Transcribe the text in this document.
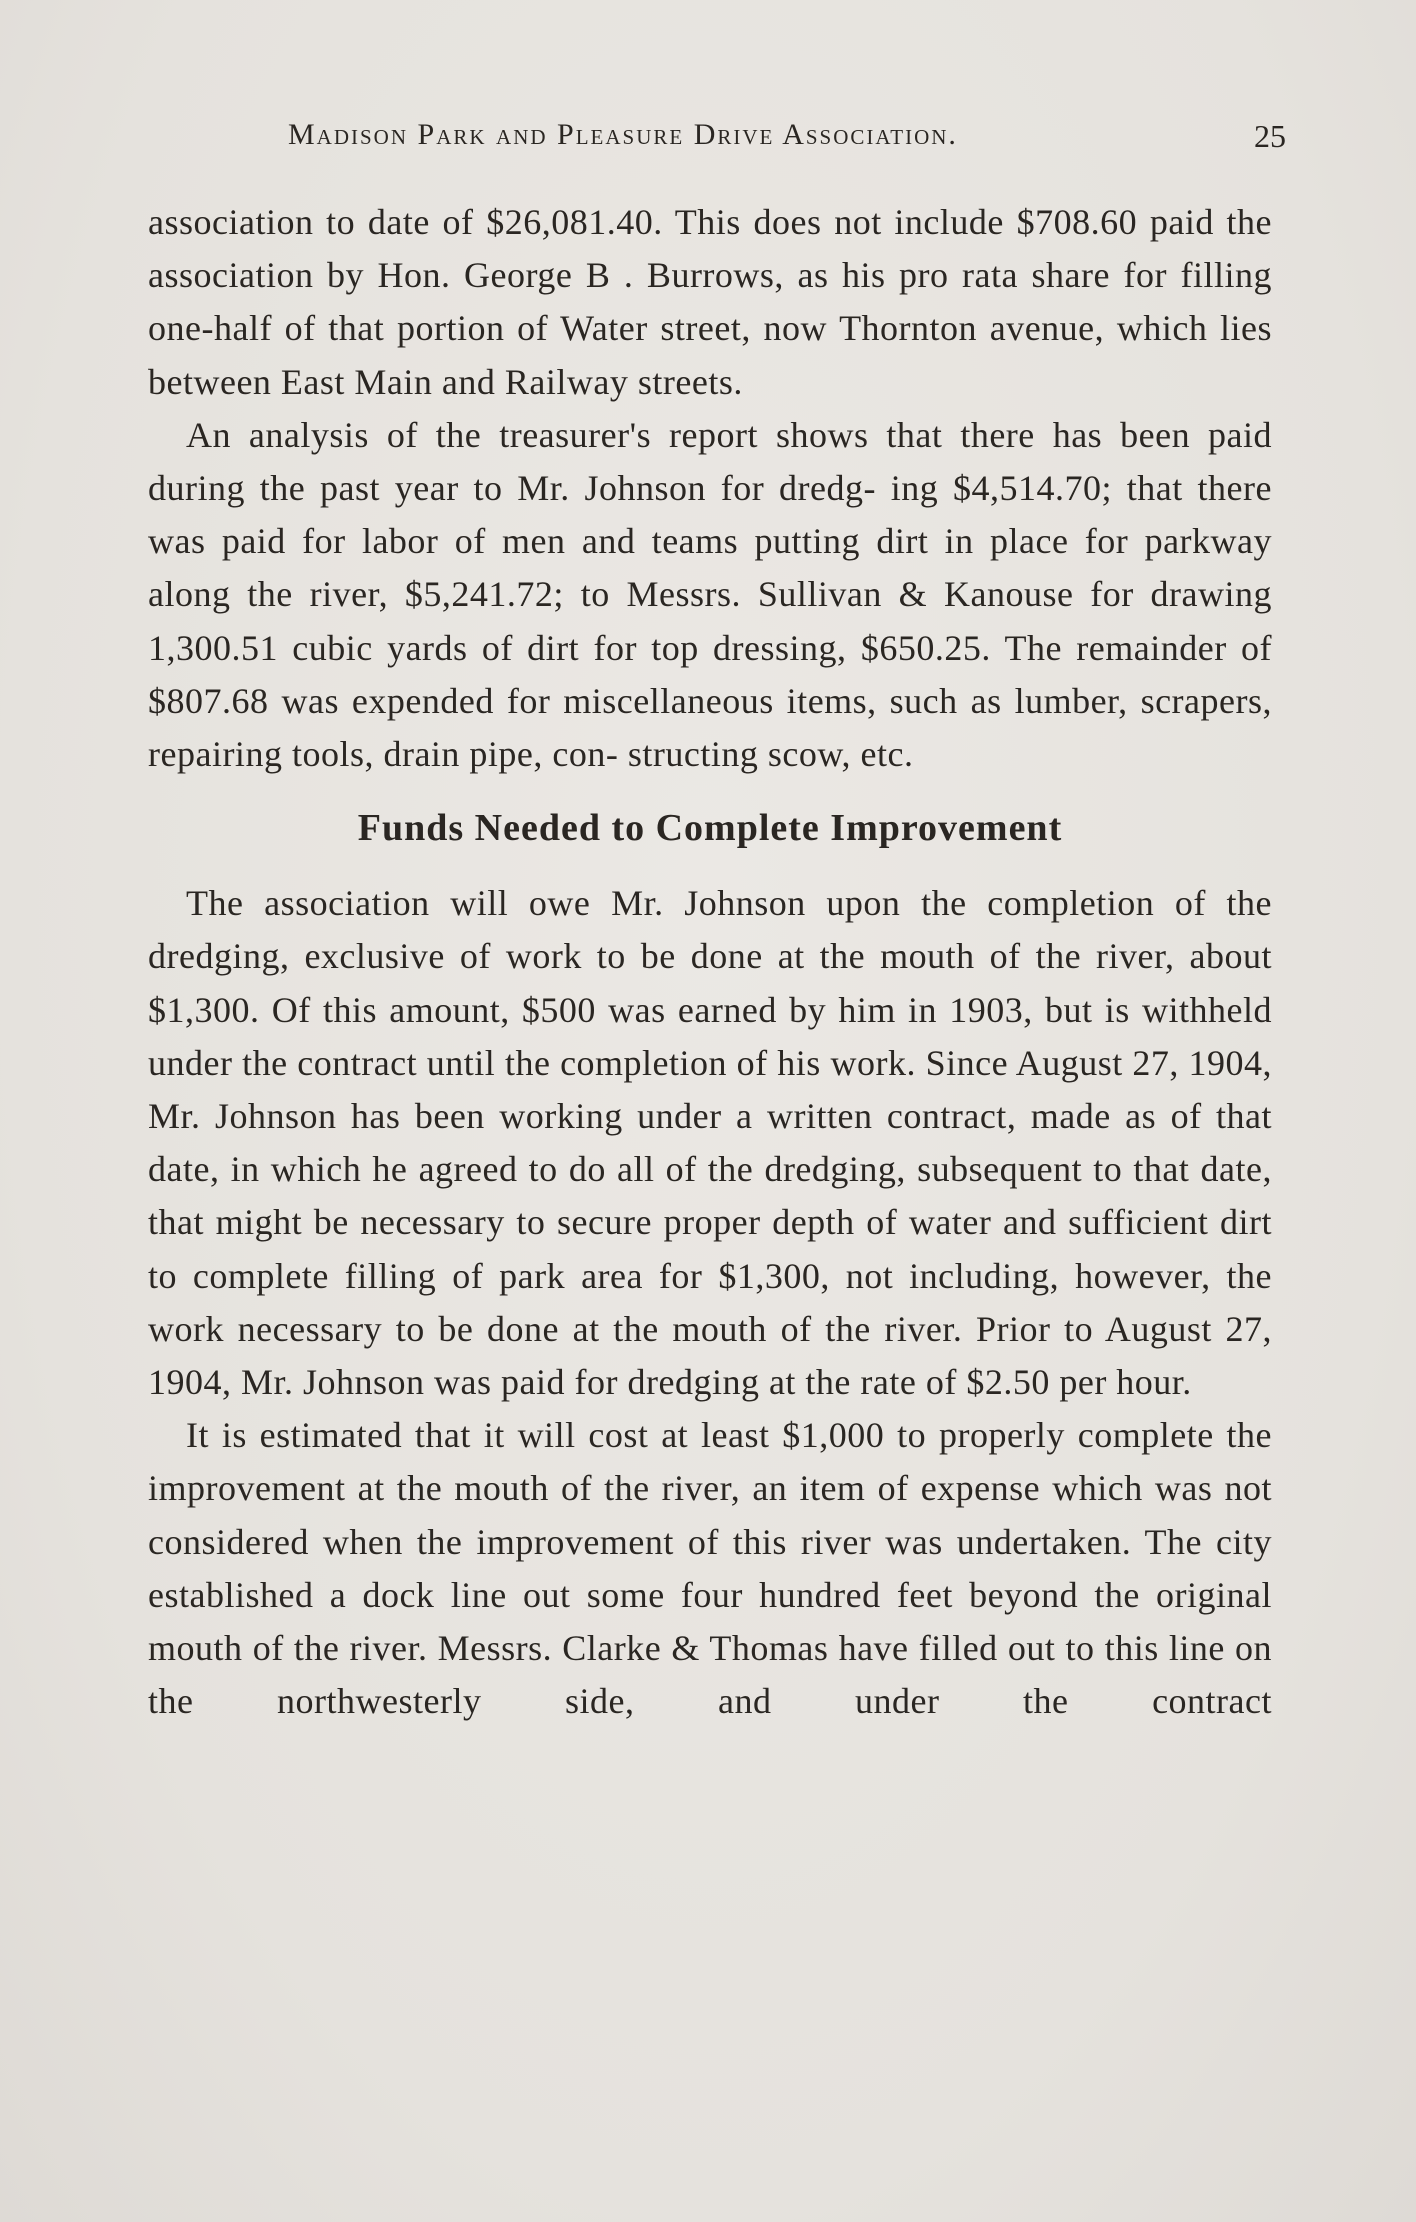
Madison Park and Pleasure Drive Association.	25

association to date of $26,081.40. This does not include $708.60 paid the association by Hon. George B . Burrows, as his pro rata share for filling one-half of that portion of Water street, now Thornton avenue, which lies between East Main and Railway streets.

An analysis of the treasurer's report shows that there has been paid during the past year to Mr. Johnson for dredg- ing $4,514.70; that there was paid for labor of men and teams putting dirt in place for parkway along the river, $5,241.72; to Messrs. Sullivan & Kanouse for drawing 1,300.51 cubic yards of dirt for top dressing, $650.25. The remainder of $807.68 was expended for miscellaneous items, such as lumber, scrapers, repairing tools, drain pipe, con- structing scow, etc.

Funds Needed to Complete Improvement

The association will owe Mr. Johnson upon the completion of the dredging, exclusive of work to be done at the mouth of the river, about $1,300. Of this amount, $500 was earned by him in 1903, but is withheld under the contract until the completion of his work. Since August 27, 1904, Mr. Johnson has been working under a written contract, made as of that date, in which he agreed to do all of the dredging, subsequent to that date, that might be necessary to secure proper depth of water and sufficient dirt to complete filling of park area for $1,300, not including, however, the work necessary to be done at the mouth of the river. Prior to August 27, 1904, Mr. Johnson was paid for dredging at the rate of $2.50 per hour.

It is estimated that it will cost at least $1,000 to properly complete the improvement at the mouth of the river, an item of expense which was not considered when the improvement of this river was undertaken. The city established a dock line out some four hundred feet beyond the original mouth of the river. Messrs. Clarke & Thomas have filled out to this line on the northwesterly side, and under the contract
